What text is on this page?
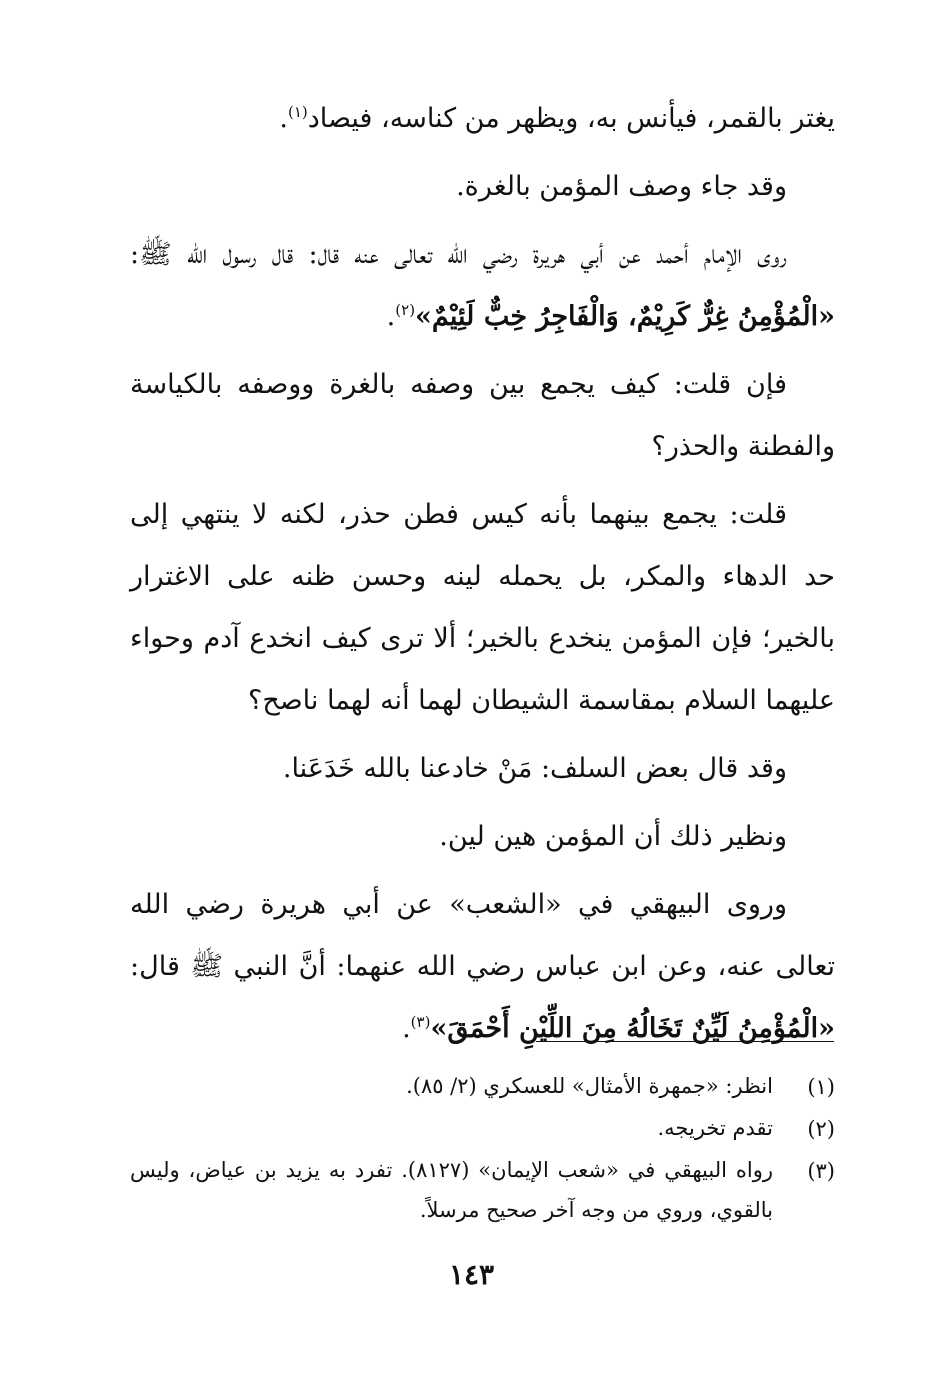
يغتر بالقمر، فيأنس به، ويظهر من كناسه، فيصاد$^{(١)}$.

وقد جاء وصف المؤمن بالغرة.

روى الإمام أحمد عن أبي هريرة رضي الله تعالى عنه قال: قال رسول الله ﷺ: «الْمُؤْمِنُ غِرٌّ كَرِيْمٌ، وَالْفَاجِرُ خِبٌّ لَئِيْمٌ»$^{(٢)}$.

فإن قلت: كيف يجمع بين وصفه بالغرة ووصفه بالكياسة والفطنة والحذر؟

قلت: يجمع بينهما بأنه كيس فطن حذر، لكنه لا ينتهي إلى حد الدهاء والمكر، بل يحمله لينه وحسن ظنه على الاغترار بالخير؛ فإن المؤمن ينخدع بالخير؛ ألا ترى كيف انخدع آدم وحواء عليهما السلام بمقاسمة الشيطان لهما أنه لهما ناصح؟

وقد قال بعض السلف: مَنْ خادعنا بالله خَدَعَنا.

ونظير ذلك أن المؤمن هين لين.

وروى البيهقي في «الشعب» عن أبي هريرة رضي الله تعالى عنه، وعن ابن عباس رضي الله عنهما: أنَّ النبي ﷺ قال: «الْمُؤْمِنُ لَيِّنٌ تَخَالُهُ مِنَ اللِّيْنِ أَحْمَقَ»$^{(٣)}$.

(١)
انظر: «جمهرة الأمثال» للعسكري (٢/ ٨٥).
(٢)
تقدم تخريجه.
(٣)
رواه البيهقي في «شعب الإيمان» (٨١٢٧). تفرد به يزيد بن عياض، وليس بالقوي، وروي من وجه آخر صحيح مرسلاً.
١٤٣
